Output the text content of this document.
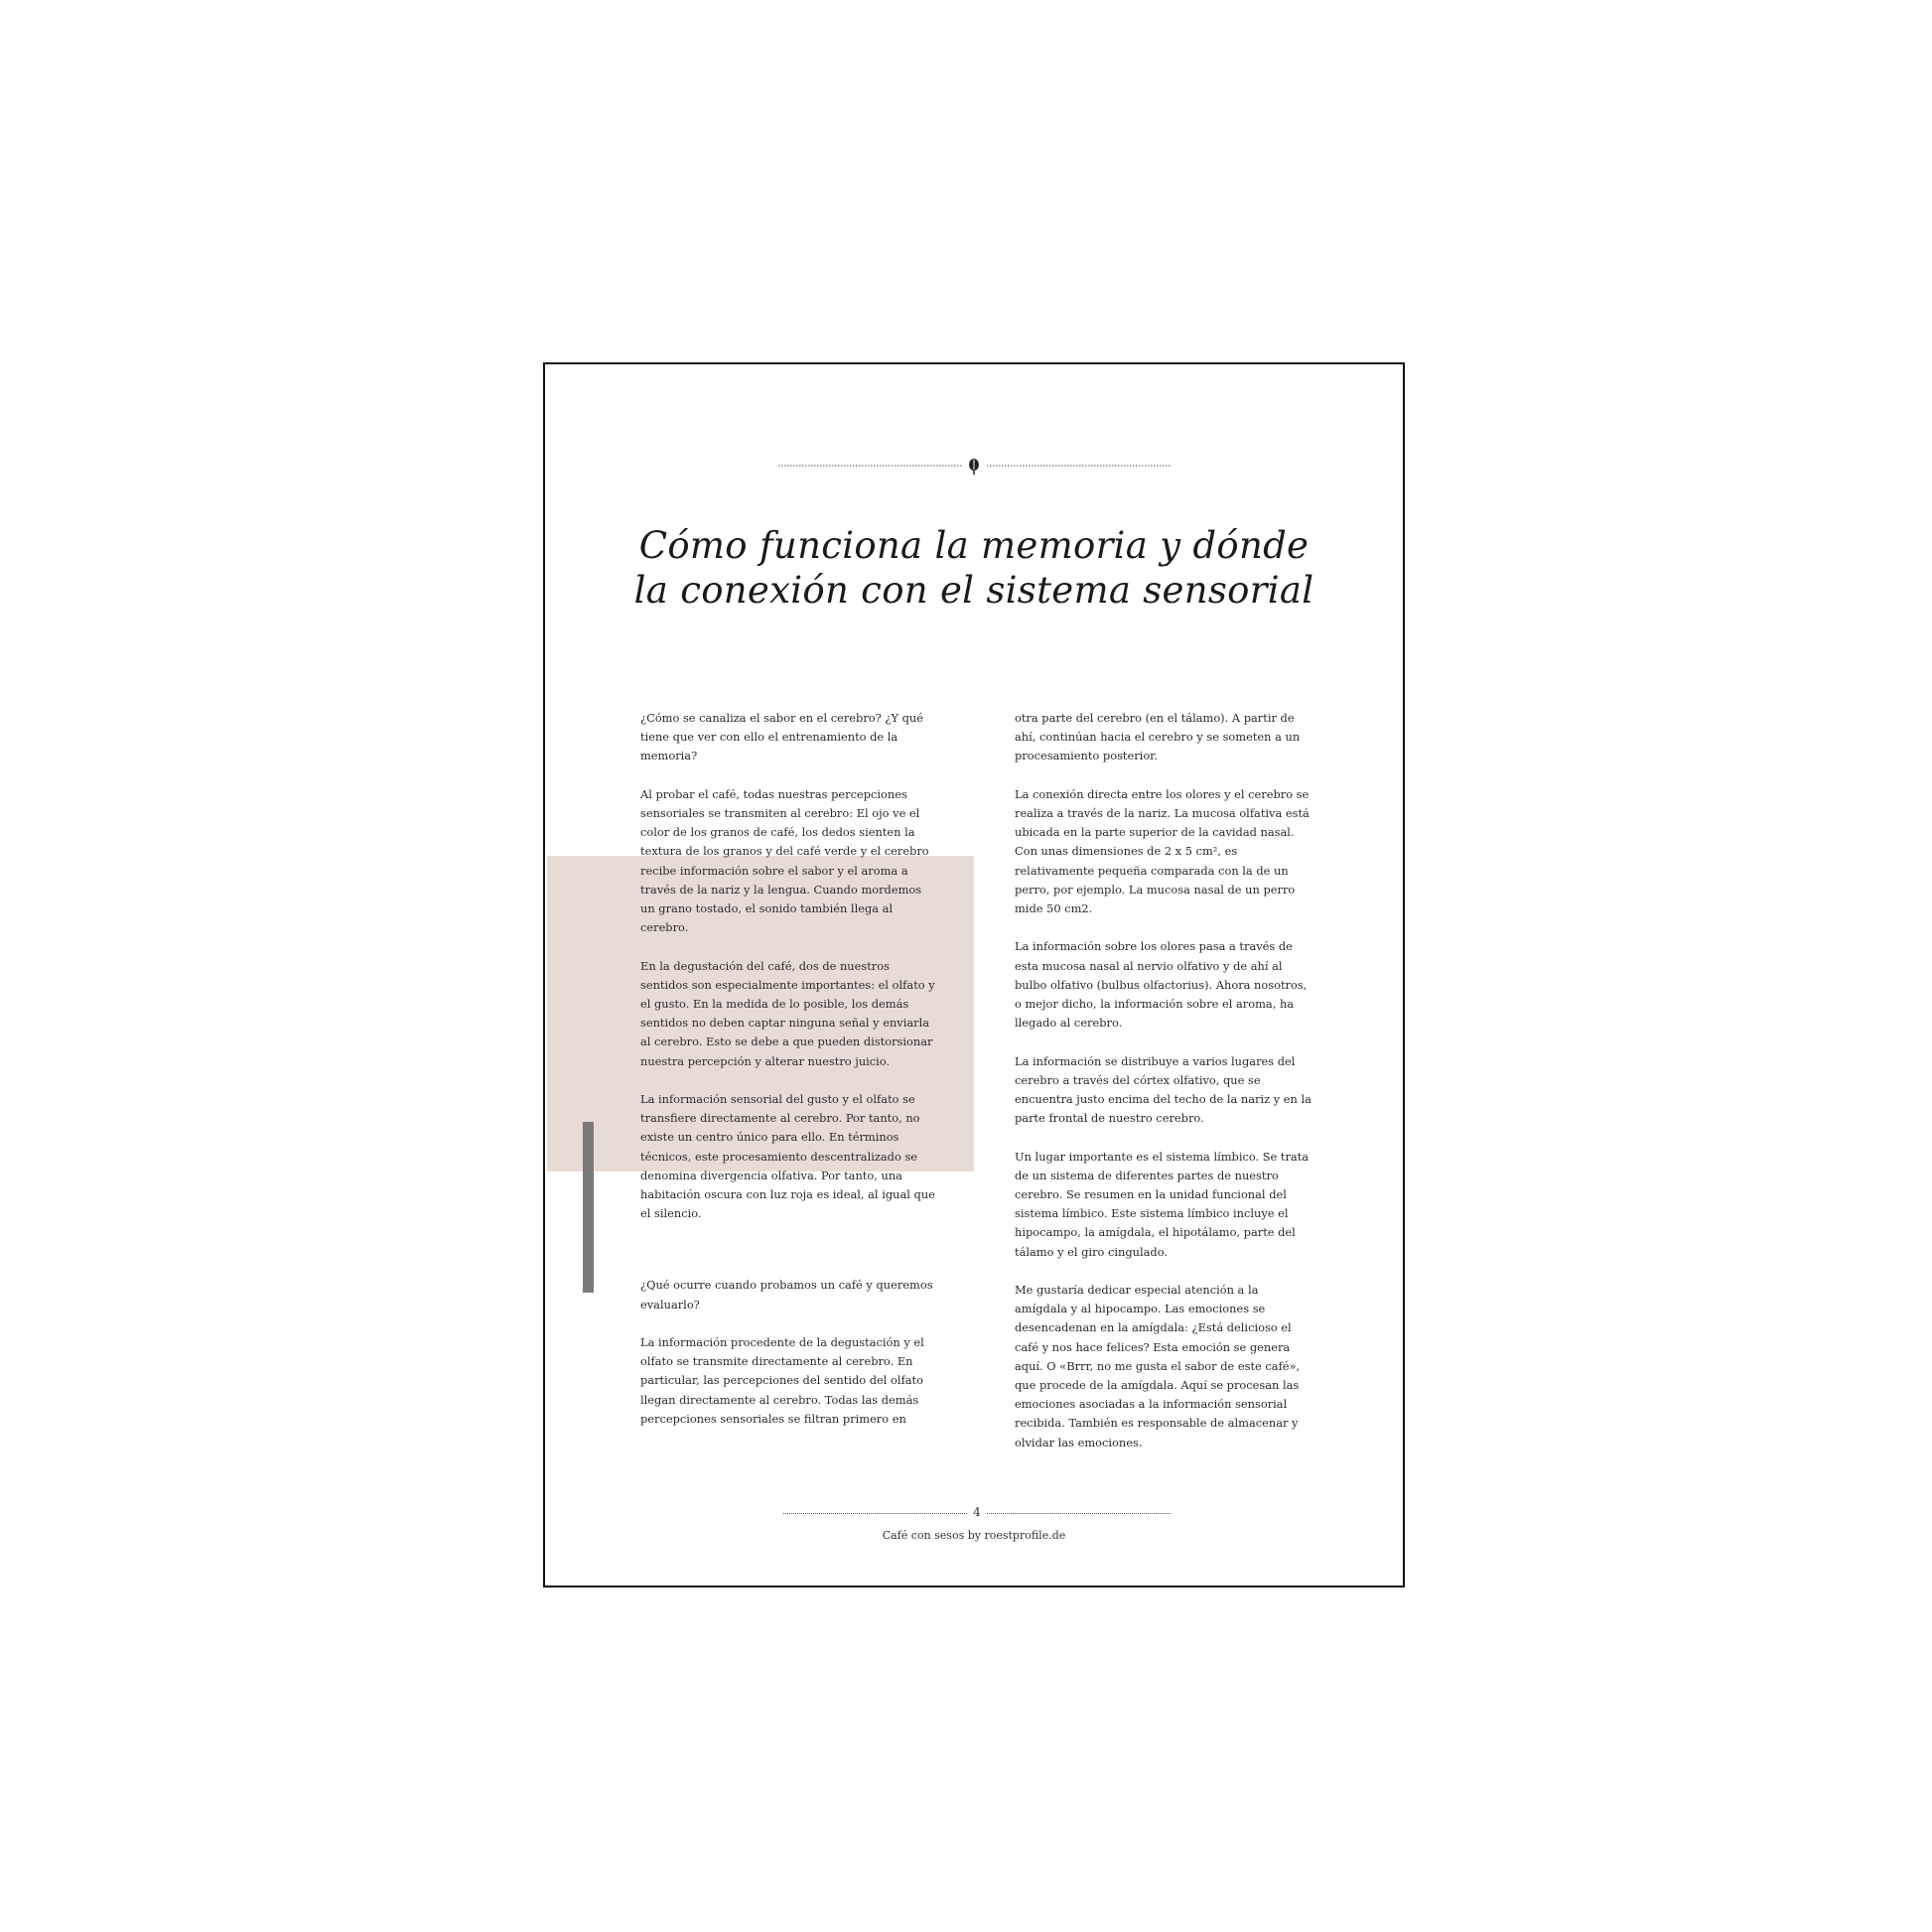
Cómo funciona la memoria y dónde
la conexión con el sistema sensorial

¿Cómo se canaliza el sabor en el cerebro? ¿Y qué tiene que ver con ello el entrenamiento de la memoria?

Al probar el café, todas nuestras percepciones sensoriales se transmiten al cerebro: El ojo ve el color de los granos de café, los dedos sienten la textura de los granos y del café verde y el cerebro recibe información sobre el sabor y el aroma a través de la nariz y la lengua. Cuando mordemos un grano tostado, el sonido también llega al cerebro.

En la degustación del café, dos de nuestros sentidos son especialmente importantes: el olfato y el gusto. En la medida de lo posible, los demás sentidos no deben captar ninguna señal y enviarla al cerebro. Esto se debe a que pueden distorsionar nuestra percepción y alterar nuestro juicio.

La información sensorial del gusto y el olfato se transfiere directamente al cerebro. Por tanto, no existe un centro único para ello. En términos técnicos, este procesamiento descentralizado se denomina divergencia olfativa. Por tanto, una habitación oscura con luz roja es ideal, al igual que el silencio.

¿Qué ocurre cuando probamos un café y queremos evaluarlo?

La información procedente de la degustación y el olfato se transmite directamente al cerebro. En particular, las percepciones del sentido del olfato llegan directamente al cerebro. Todas las demás percepciones sensoriales se filtran primero en

otra parte del cerebro (en el tálamo). A partir de ahí, continúan hacia el cerebro y se someten a un procesamiento posterior.

La conexión directa entre los olores y el cerebro se realiza a través de la nariz. La mucosa olfativa está ubicada en la parte superior de la cavidad nasal. Con unas dimensiones de 2 x 5 cm², es relativamente pequeña comparada con la de un perro, por ejemplo. La mucosa nasal de un perro mide 50 cm2.

La información sobre los olores pasa a través de esta mucosa nasal al nervio olfativo y de ahí al bulbo olfativo (bulbus olfactorius). Ahora nosotros, o mejor dicho, la información sobre el aroma, ha llegado al cerebro.

La información se distribuye a varios lugares del cerebro a través del córtex olfativo, que se encuentra justo encima del techo de la nariz y en la parte frontal de nuestro cerebro.

Un lugar importante es el sistema límbico. Se trata de un sistema de diferentes partes de nuestro cerebro. Se resumen en la unidad funcional del sistema límbico. Este sistema límbico incluye el hipocampo, la amígdala, el hipotálamo, parte del tálamo y el giro cingulado.

Me gustaría dedicar especial atención a la amígdala y al hipocampo. Las emociones se desencadenan en la amígdala: ¿Está delicioso el café y nos hace felices? Esta emoción se genera aquí. O «Brrr, no me gusta el sabor de este café», que procede de la amígdala. Aquí se procesan las emociones asociadas a la información sensorial recibida. También es responsable de almacenar y olvidar las emociones.

4
Café con sesos by roestprofile.de
